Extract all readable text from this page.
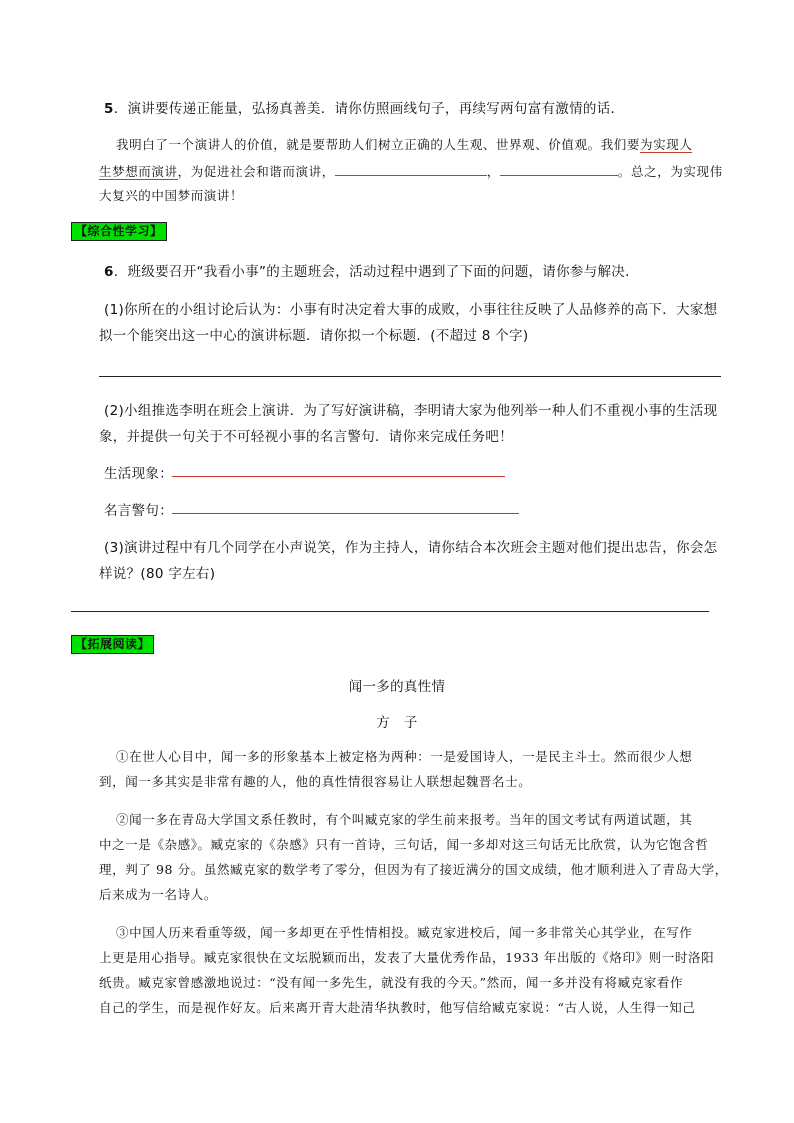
5．演讲要传递正能量，弘扬真善美．请你仿照画线句子，再续写两句富有激情的话．
我明白了一个演讲人的价值，就是要帮助人们树立正确的人生观、世界观、价值观。我们要为实现人
生梦想而演讲，为促进社会和谐而演讲，	，	。总之，为实现伟
大复兴的中国梦而演讲！
【综合性学习】
6．班级要召开“我看小事”的主题班会，活动过程中遇到了下面的问题，请你参与解决．
(1)你所在的小组讨论后认为：小事有时决定着大事的成败，小事往往反映了人品修养的高下．大家想
拟一个能突出这一中心的演讲标题．请你拟一个标题．(不超过 8 个字)
(2)小组推选李明在班会上演讲．为了写好演讲稿，李明请大家为他列举一种人们不重视小事的生活现
象，并提供一句关于不可轻视小事的名言警句．请你来完成任务吧！
生活现象：
名言警句：
(3)演讲过程中有几个同学在小声说笑，作为主持人，请你结合本次班会主题对他们提出忠告，你会怎
样说？(80 字左右)
【拓展阅读】
闻一多的真性情
方　子
①在世人心目中，闻一多的形象基本上被定格为两种：一是爱国诗人，一是民主斗士。然而很少人想
到，闻一多其实是非常有趣的人，他的真性情很容易让人联想起魏晋名士。
②闻一多在青岛大学国文系任教时，有个叫臧克家的学生前来报考。当年的国文考试有两道试题，其
中之一是《杂感》。臧克家的《杂感》只有一首诗，三句话，闻一多却对这三句话无比欣赏，认为它饱含哲
理，判了 98 分。虽然臧克家的数学考了零分，但因为有了接近满分的国文成绩，他才顺利进入了青岛大学，
后来成为一名诗人。
③中国人历来看重等级，闻一多却更在乎性情相投。臧克家进校后，闻一多非常关心其学业，在写作
上更是用心指导。臧克家很快在文坛脱颖而出，发表了大量优秀作品，1933 年出版的《烙印》则一时洛阳
纸贵。臧克家曾感激地说过：“没有闻一多先生，就没有我的今天。”然而，闻一多并没有将臧克家看作
自己的学生，而是视作好友。后来离开青大赴清华执教时，他写信给臧克家说：“古人说，人生得一知己
